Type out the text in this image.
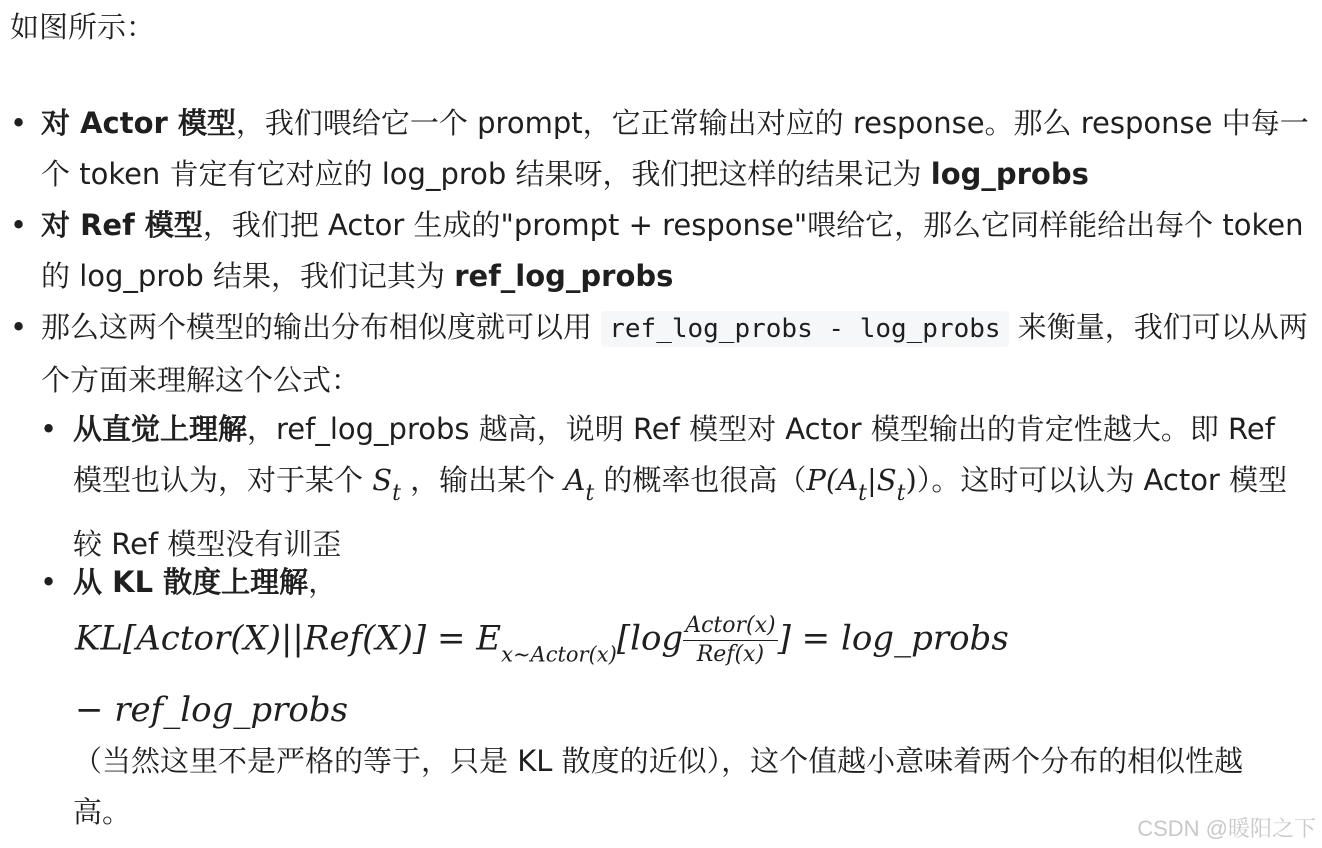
如图所示：
• 对 Actor 模型，我们喂给它一个 prompt，它正常输出对应的 response。那么 response 中每一个 token 肯定有它对应的 log_prob 结果呀，我们把这样的结果记为 log_probs
• 对 Ref 模型，我们把 Actor 生成的"prompt + response"喂给它，那么它同样能给出每个 token 的 log_prob 结果，我们记其为 ref_log_probs
• 那么这两个模型的输出分布相似度就可以用 ref_log_probs - log_probs 来衡量，我们可以从两个方面来理解这个公式：
• 从直觉上理解，ref_log_probs 越高，说明 Ref 模型对 Actor 模型输出的肯定性越大。即 Ref 模型也认为，对于某个 $S_t$ ，输出某个 $A_t$ 的概率也很高$(P(A_t|S_t))$。这时可以认为 Actor 模型较 Ref 模型没有训歪
• 从 KL 散度上理解，
KL[Actor(X)||Ref(X)] = $E_{x\sim Actor(x)}[\log \frac{\text{Actor(x)}}{\text{Ref(x)}}$ ] = log_probs
− ref_log_probs
（当然这里不是严格的等于，只是 KL 散度的近似），这个值越小意味着两个分布的相似性越高。	CSDN @暖阳之下
